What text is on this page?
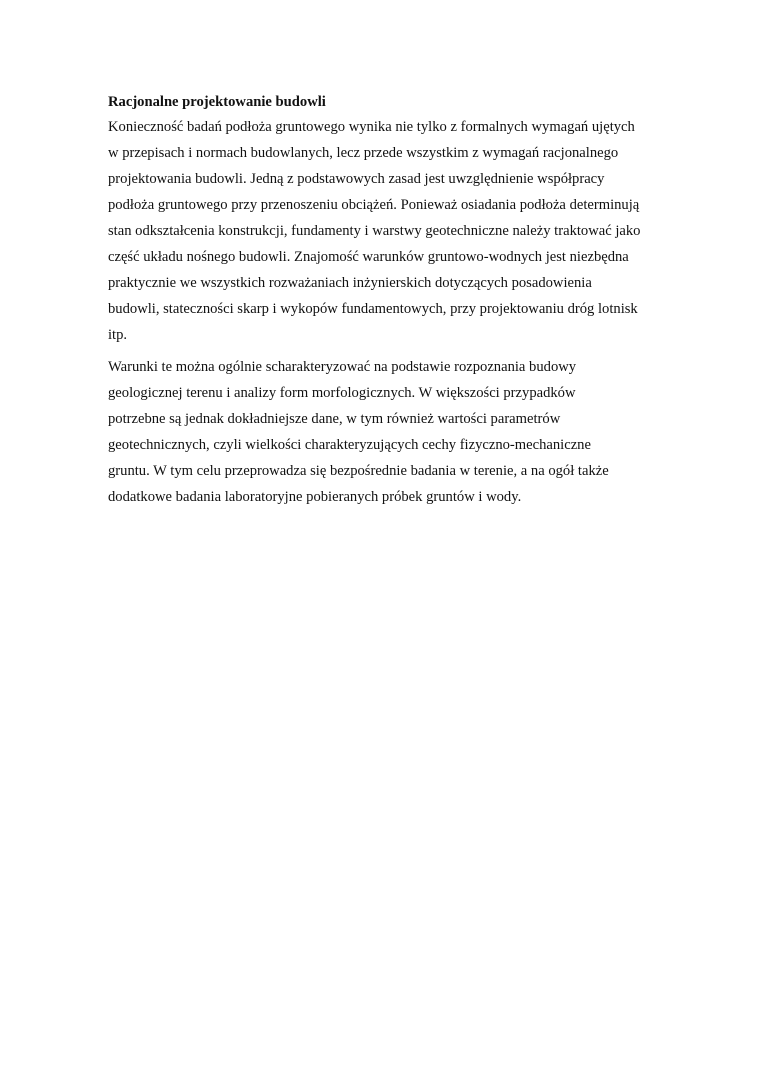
Racjonalne projektowanie budowli

Konieczność badań podłoża gruntowego wynika nie tylko z formalnych wymagań ujętych
w przepisach i normach budowlanych, lecz przede wszystkim z wymagań racjonalnego
projektowania budowli. Jedną z podstawowych zasad jest uwzględnienie współpracy
podłoża gruntowego przy przenoszeniu obciążeń. Ponieważ osiadania podłoża determinują
stan odkształcenia konstrukcji, fundamenty i warstwy geotechniczne należy traktować jako
część układu nośnego budowli. Znajomość warunków gruntowo-wodnych jest niezbędna
praktycznie we wszystkich rozważaniach inżynierskich dotyczących posadowienia
budowli, stateczności skarp i wykopów fundamentowych, przy projektowaniu dróg lotnisk
itp.

Warunki te można ogólnie scharakteryzować na podstawie rozpoznania budowy
geologicznej terenu i analizy form morfologicznych. W większości przypadków
potrzebne są jednak dokładniejsze dane, w tym również wartości parametrów
geotechnicznych, czyli wielkości charakteryzujących cechy fizyczno-mechaniczne
gruntu. W tym celu przeprowadza się bezpośrednie badania w terenie, a na ogół także
dodatkowe badania laboratoryjne pobieranych próbek gruntów i wody.
